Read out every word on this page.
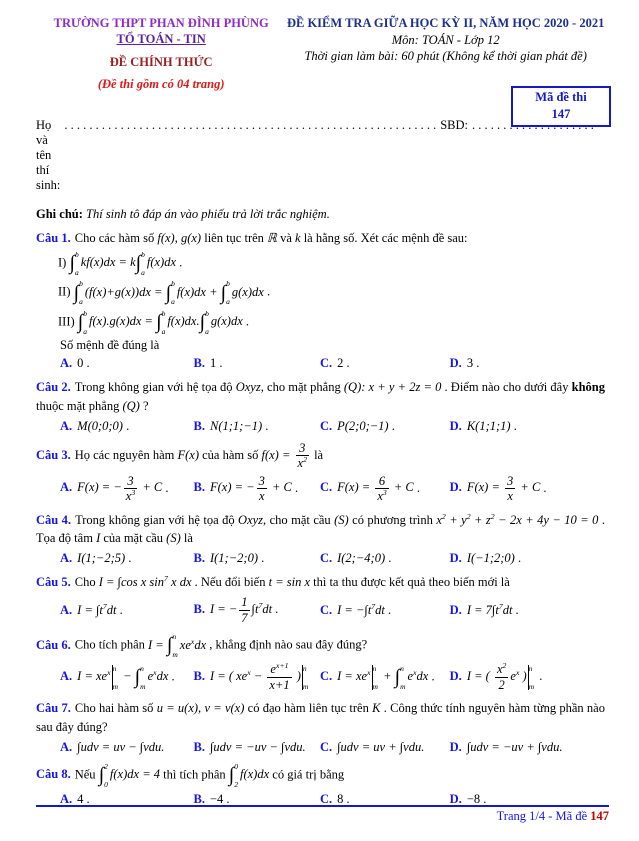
TRƯỜNG THPT PHAN ĐÌNH PHÙNG
TỔ TOÁN - TIN
ĐỀ CHÍNH THỨC
(Đề thi gồm có 04 trang)
ĐỀ KIỂM TRA GIỮA HỌC KỲ II, NĂM HỌC 2020 - 2021
Môn: TOÁN - Lớp 12
Thời gian làm bài: 60 phút (Không kể thời gian phát đề)
Mã đề thi
147
Họ và tên thí sinh:
. . . . . . . . . . . . . . . . . . . . . . . . . . . . . . . . . . . . . . . . . . . . . . . . . . . . . . . . . . . . SBD: . . . . . . . . . . . . . . . . . . . .
Ghi chú: Thí sinh tô đáp án vào phiếu trả lời trắc nghiệm.
Câu 1. Cho các hàm số f(x), g(x) liên tục trên ℝ và k là hằng số. Xét các mệnh đề sau:
I) ∫ b
a
kf(x)dx = k ∫ b
a
f(x)dx .
II) ∫ b
a
(f(x)+g(x))dx = ∫ b
a
f(x)dx + ∫ b
a
g(x)dx .
III) ∫ b
a
f(x).g(x)dx = ∫ b
a
f(x)dx. ∫ b
a
g(x)dx .
Số mệnh đề đúng là
A. 0 .	B. 1 .	C. 2 .	D. 3 .
Câu 2. Trong không gian với hệ tọa độ Oxyz, cho mặt phẳng (Q): x + y + 2z = 0 . Điểm nào cho dưới đây không thuộc mặt phẳng (Q) ?
A. M(0;0;0) .	B. N(1;1;−1) .	C. P(2;0;−1) .	D. K(1;1;1) .
Câu 3. Họ các nguyên hàm F(x) của hàm số $f(x) = \frac{3}{x^2}$ là
A. F(x) = − $\frac{3}{x^3} + C$ .	B. F(x) = − $\frac{3}{x} + C$ .	C. $F(x) = \frac{6}{x^3} + C$ .	D. $F(x) = \frac{3}{x} + C$ .
Câu 4. Trong không gian với hệ tọa độ Oxyz, cho mặt cầu (S) có phương trình $x^2 + y^2 + z^2 - 2x + 4y - 10 = 0$ . Tọa độ tâm I của mặt cầu (S) là
A. I(1;−2;5) .	B. I(1;−2;0) .	C. I(2;−4;0) .	D. I(−1;2;0) .
Câu 5. Cho I = ∫cos x $\sin^7 x$ dx . Nếu đổi biến t = sin x thì ta thu được kết quả theo biến mới là
A. $I = \int t^7dt$ .	B. I = − $\frac{1}{7} \int t^7dt$ .	C. $I = -\int t^7dt$ .	D. $I = 7\int t^7dt$ .
Câu 6. Cho tích phân I = ∫ n
m
$xe^xdx$ , khẳng định nào sau đây đúng?
A. $I = xe^x$ n
m
− ∫ n
m
$e^xdx$ .	B. I = ( $xe^x - \frac{e^{x+1}}{x+1}$ )
n
m
C. $I = xe^x$ n
m
+ ∫ n
m
$e^xdx$ .	D. I = ( $\frac{x^2}{2} e^x$ )
n
m
.
Câu 7. Cho hai hàm số u = u(x), v = v(x) có đạo hàm liên tục trên K . Công thức tính nguyên hàm từng phần nào sau đây đúng?
A. ∫udv = uv − ∫vdu.	B. ∫udv = −uv − ∫vdu.	C. ∫udv = uv + ∫vdu.	D. ∫udv = −uv + ∫vdu.
Câu 8. Nếu ∫ 2
0
f(x)dx = 4 thì tích phân ∫ 0
2
f(x)dx có giá trị bằng
A. 4 .	B. −4 .	C. 8 .	D. −8 .
Trang 1/4 - Mã đề 147
